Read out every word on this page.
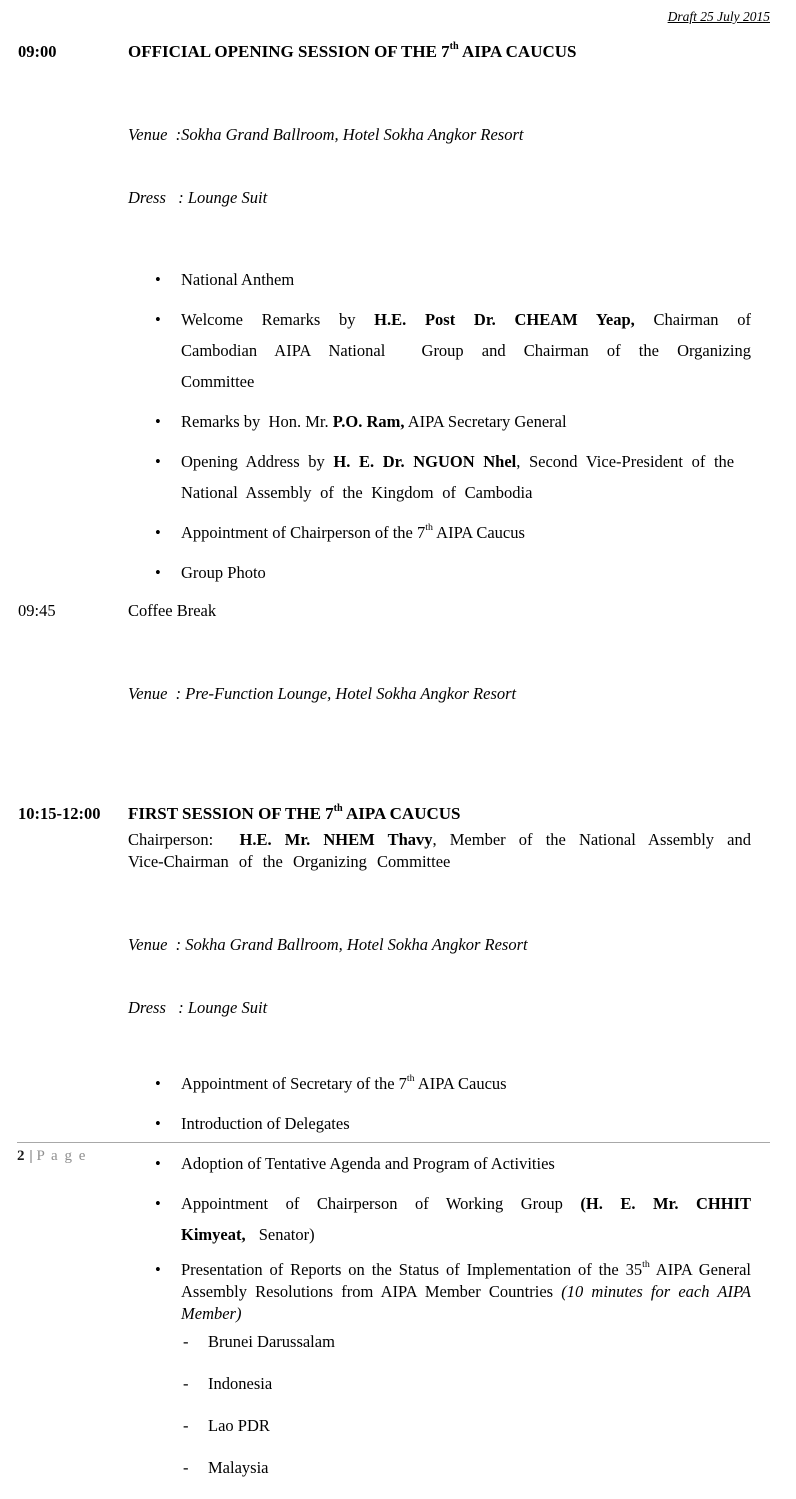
Draft 25 July 2015
09:00	OFFICIAL OPENING SESSION OF THE 7th AIPA CAUCUS

Venue  :Sokha Grand Ballroom, Hotel Sokha Angkor Resort

Dress   : Lounge Suit

• National Anthem
• Welcome Remarks by H.E. Post Dr. CHEAM Yeap, Chairman of Cambodian AIPA National  Group and Chairman of the Organizing Committee
• Remarks by  Hon. Mr. P.O. Ram, AIPA Secretary General
• Opening Address by H. E. Dr. NGUON Nhel, Second Vice-President of the National Assembly of the Kingdom of Cambodia
• Appointment of Chairperson of the 7th AIPA Caucus
• Group Photo
09:45	Coffee Break

Venue  : Pre-Function Lounge, Hotel Sokha Angkor Resort

10:15-12:00	FIRST SESSION OF THE 7th AIPA CAUCUS
Chairperson:  H.E. Mr. NHEM Thavy, Member of the National Assembly and Vice-Chairman of the Organizing Committee

Venue  : Sokha Grand Ballroom, Hotel Sokha Angkor Resort

Dress   : Lounge Suit

• Appointment of Secretary of the 7th AIPA Caucus
• Introduction of Delegates
• Adoption of Tentative Agenda and Program of Activities
• Appointment of Chairperson of Working Group (H. E. Mr. CHHIT Kimyeat, Senator)
• Presentation of Reports on the Status of Implementation of the 35th AIPA General Assembly Resolutions from AIPA Member Countries (10 minutes for each AIPA Member)
- Brunei Darussalam
- Indonesia
- Lao PDR
- Malaysia
2 | P a g e
